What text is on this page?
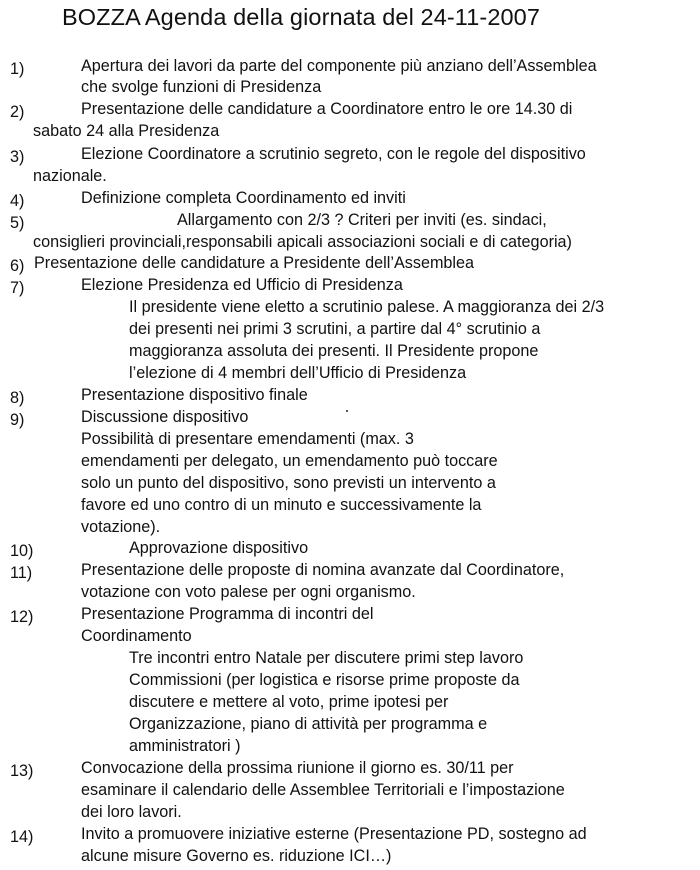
BOZZA Agenda della giornata del 24-11-2007
1)	Apertura dei lavori da parte del componente più anziano dell’Assemblea
che svolge funzioni di Presidenza
2)	Presentazione delle candidature a Coordinatore entro le ore 14.30 di
sabato 24 alla Presidenza
3)	Elezione Coordinatore a scrutinio segreto, con le regole del dispositivo
nazionale.
4)	Definizione completa Coordinamento ed inviti
5)	Allargamento con 2/3 ? Criteri per inviti (es. sindaci,
consiglieri provinciali,responsabili apicali associazioni sociali e di categoria)
6) Presentazione delle candidature a Presidente dell’Assemblea
7)	Elezione Presidenza ed Ufficio di Presidenza
Il presidente viene eletto a scrutinio palese. A maggioranza dei 2/3
dei presenti nei primi 3 scrutini, a partire dal 4° scrutinio a
maggioranza assoluta dei presenti. Il Presidente propone
l’elezione di 4 membri dell’Ufficio di Presidenza
8)	Presentazione dispositivo finale
9)	Discussione dispositivo
Possibilità di presentare emendamenti (max. 3
emendamenti per delegato, un emendamento può toccare
solo un punto del dispositivo, sono previsti un intervento a
favore ed uno contro di un minuto e successivamente la
votazione).
10)	Approvazione dispositivo
11)	Presentazione delle proposte di nomina avanzate dal Coordinatore,
votazione con voto palese per ogni organismo.
12)	Presentazione Programma di incontri del
Coordinamento
Tre incontri entro Natale per discutere primi step lavoro
Commissioni (per logistica e risorse prime proposte da
discutere e mettere al voto, prime ipotesi per
Organizzazione, piano di attività per programma e
amministratori )
13)	Convocazione della prossima riunione il giorno es. 30/11 per
esaminare il calendario delle Assemblee Territoriali e l’impostazione
dei loro lavori.
14)	Invito a promuovere iniziative esterne (Presentazione PD, sostegno ad
alcune misure Governo es. riduzione ICI…)
